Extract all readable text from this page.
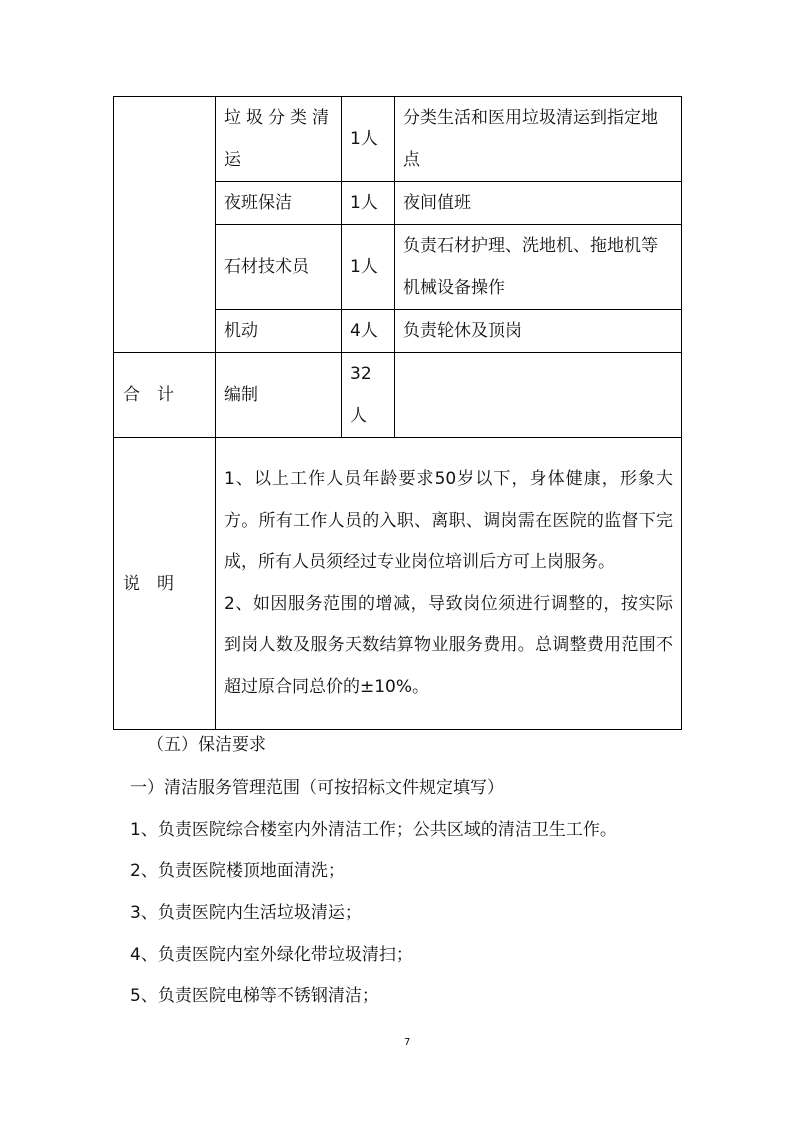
	垃圾分类清运	1人	分类生活和医用垃圾清运到指定地点
	夜班保洁	1人	夜间值班
	石材技术员	1人	负责石材护理、洗地机、拖地机等机械设备操作
	机动	4人	负责轮休及顶岗
合　计	编制	32人	
说　明	1、以上工作人员年龄要求50岁以下，身体健康，形象大方。所有工作人员的入职、离职、调岗需在医院的监督下完成，所有人员须经过专业岗位培训后方可上岗服务。

2、如因服务范围的增减，导致岗位须进行调整的，按实际到岗人数及服务天数结算物业服务费用。总调整费用范围不超过原合同总价的±10%。		

（五）保洁要求
一）清洁服务管理范围（可按招标文件规定填写）
1、负责医院综合楼室内外清洁工作；公共区域的清洁卫生工作。
2、负责医院楼顶地面清洗；
3、负责医院内生活垃圾清运；
4、负责医院内室外绿化带垃圾清扫；
5、负责医院电梯等不锈钢清洁；
7
